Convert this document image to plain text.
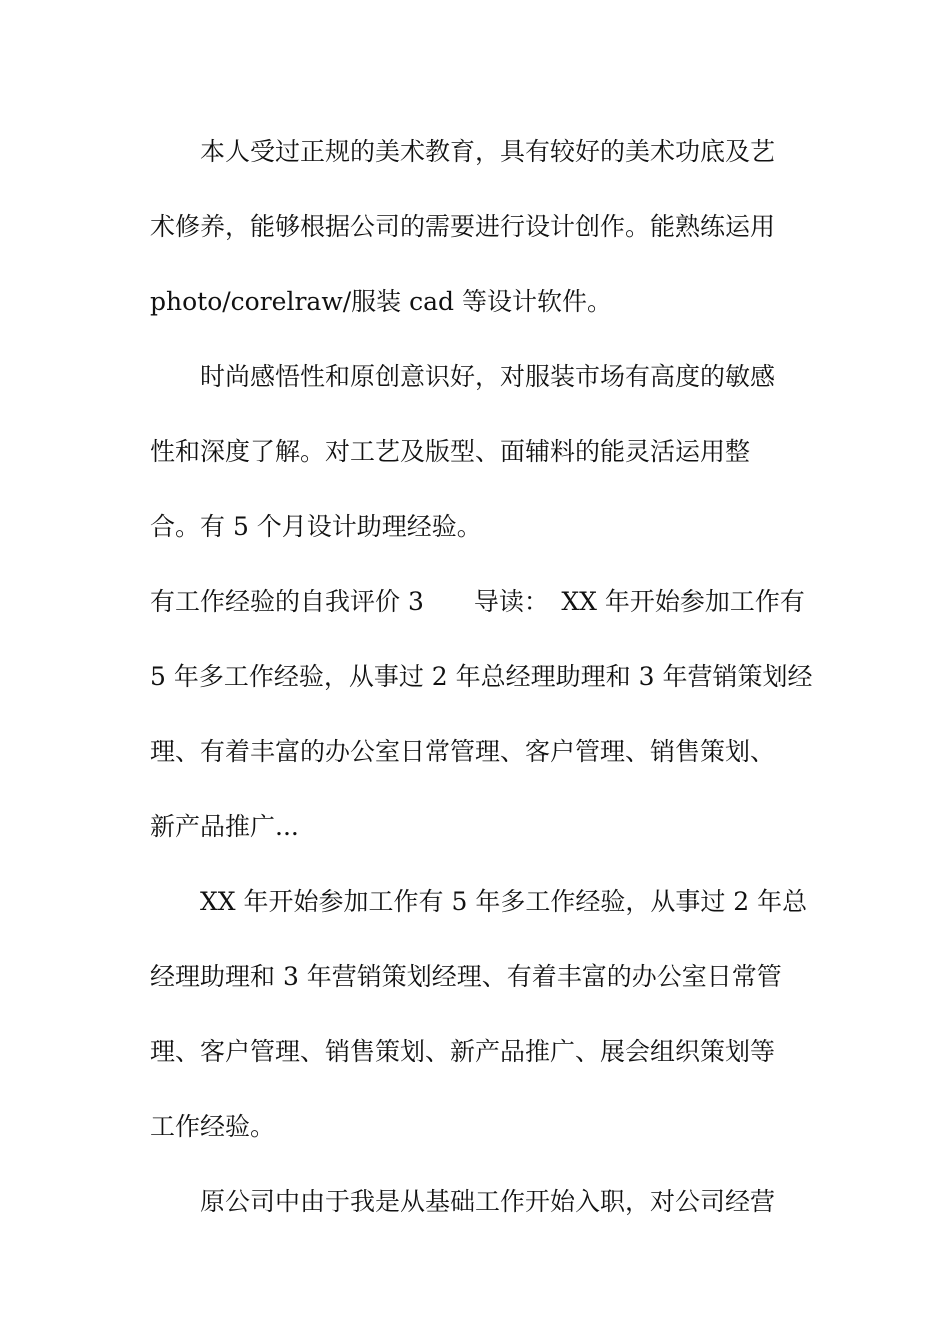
本人受过正规的美术教育，具有较好的美术功底及艺
术修养，能够根据公司的需要进行设计创作。能熟练运用
photo/corelraw/服装 cad 等设计软件。
时尚感悟性和原创意识好，对服装市场有高度的敏感
性和深度了解。对工艺及版型、面辅料的能灵活运用整
合。有 5 个月设计助理经验。
有工作经验的自我评价 3　　导读：　XX 年开始参加工作有
5 年多工作经验，从事过 2 年总经理助理和 3 年营销策划经
理、有着丰富的办公室日常管理、客户管理、销售策划、
新产品推广...
XX 年开始参加工作有 5 年多工作经验，从事过 2 年总
经理助理和 3 年营销策划经理、有着丰富的办公室日常管
理、客户管理、销售策划、新产品推广、展会组织策划等
工作经验。
原公司中由于我是从基础工作开始入职，对公司经营
